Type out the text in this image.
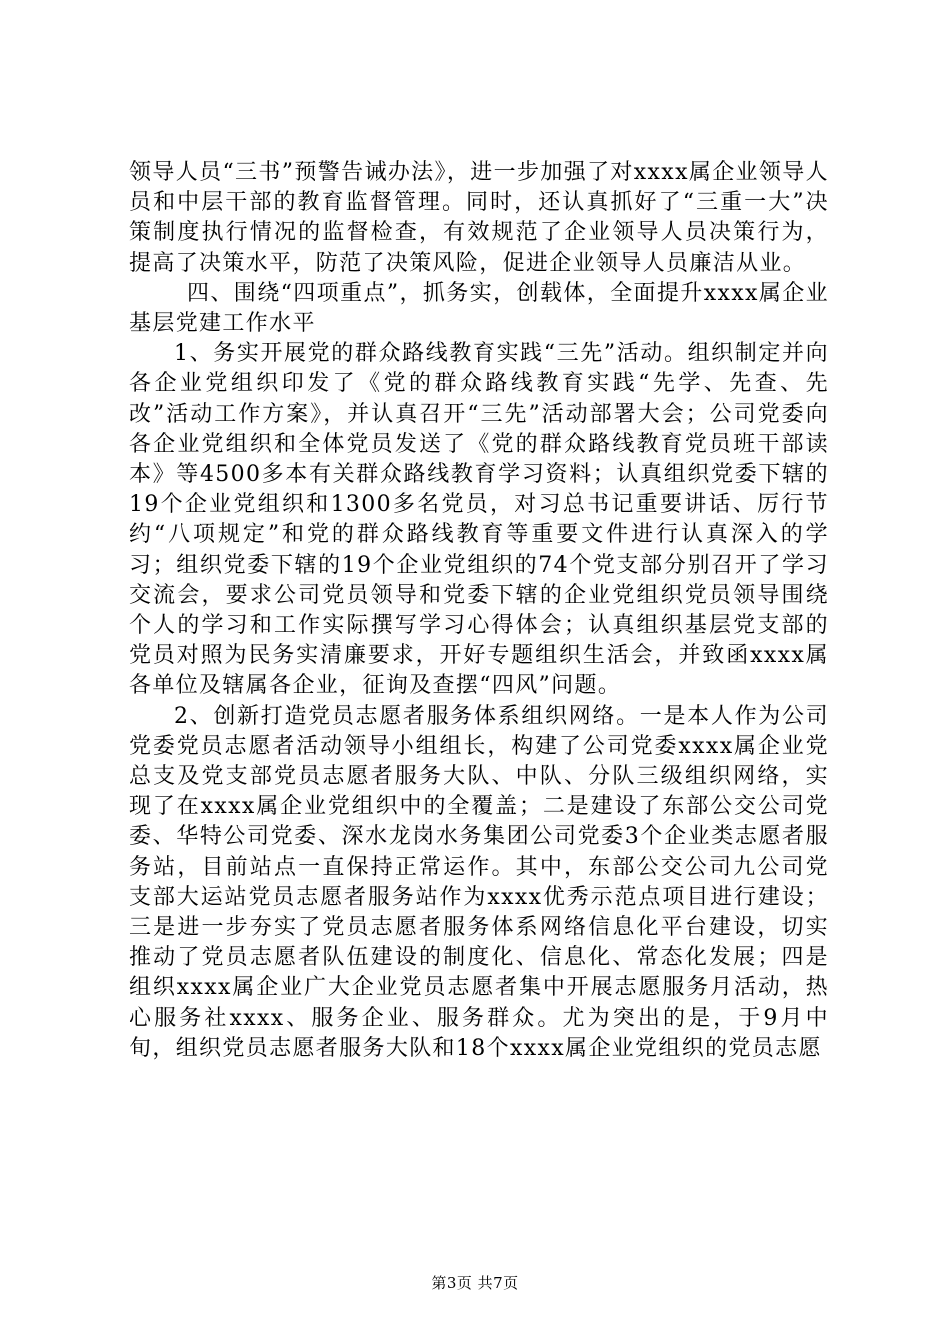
领导人员“三书”预警告诫办法》，进一步加强了对xxxx属企业领导人员和中层干部的教育监督管理。同时，还认真抓好了“三重一大”决策制度执行情况的监督检查，有效规范了企业领导人员决策行为，提高了决策水平，防范了决策风险，促进企业领导人员廉洁从业。

四、围绕“四项重点”，抓务实，创载体，全面提升xxxx属企业基层党建工作水平

1、务实开展党的群众路线教育实践“三先”活动。组织制定并向各企业党组织印发了《党的群众路线教育实践“先学、先查、先改”活动工作方案》，并认真召开“三先”活动部署大会；公司党委向各企业党组织和全体党员发送了《党的群众路线教育党员班干部读本》等4500多本有关群众路线教育学习资料；认真组织党委下辖的19个企业党组织和1300多名党员，对习总书记重要讲话、厉行节约“八项规定”和党的群众路线教育等重要文件进行认真深入的学习；组织党委下辖的19个企业党组织的74个党支部分别召开了学习交流会，要求公司党员领导和党委下辖的企业党组织党员领导围绕个人的学习和工作实际撰写学习心得体会；认真组织基层党支部的党员对照为民务实清廉要求，开好专题组织生活会，并致函xxxx属各单位及辖属各企业，征询及查摆“四风”问题。

2、创新打造党员志愿者服务体系组织网络。一是本人作为公司党委党员志愿者活动领导小组组长，构建了公司党委xxxx属企业党总支及党支部党员志愿者服务大队、中队、分队三级组织网络，实现了在xxxx属企业党组织中的全覆盖；二是建设了东部公交公司党委、华特公司党委、深水龙岗水务集团公司党委3个企业类志愿者服务站，目前站点一直保持正常运作。其中，东部公交公司九公司党支部大运站党员志愿者服务站作为xxxx优秀示范点项目进行建设；三是进一步夯实了党员志愿者服务体系网络信息化平台建设，切实推动了党员志愿者队伍建设的制度化、信息化、常态化发展；四是组织xxxx属企业广大企业党员志愿者集中开展志愿服务月活动，热心服务社xxxx、服务企业、服务群众。尤为突出的是，于9月中旬，组织党员志愿者服务大队和18个xxxx属企业党组织的党员志愿

第3页 共7页
